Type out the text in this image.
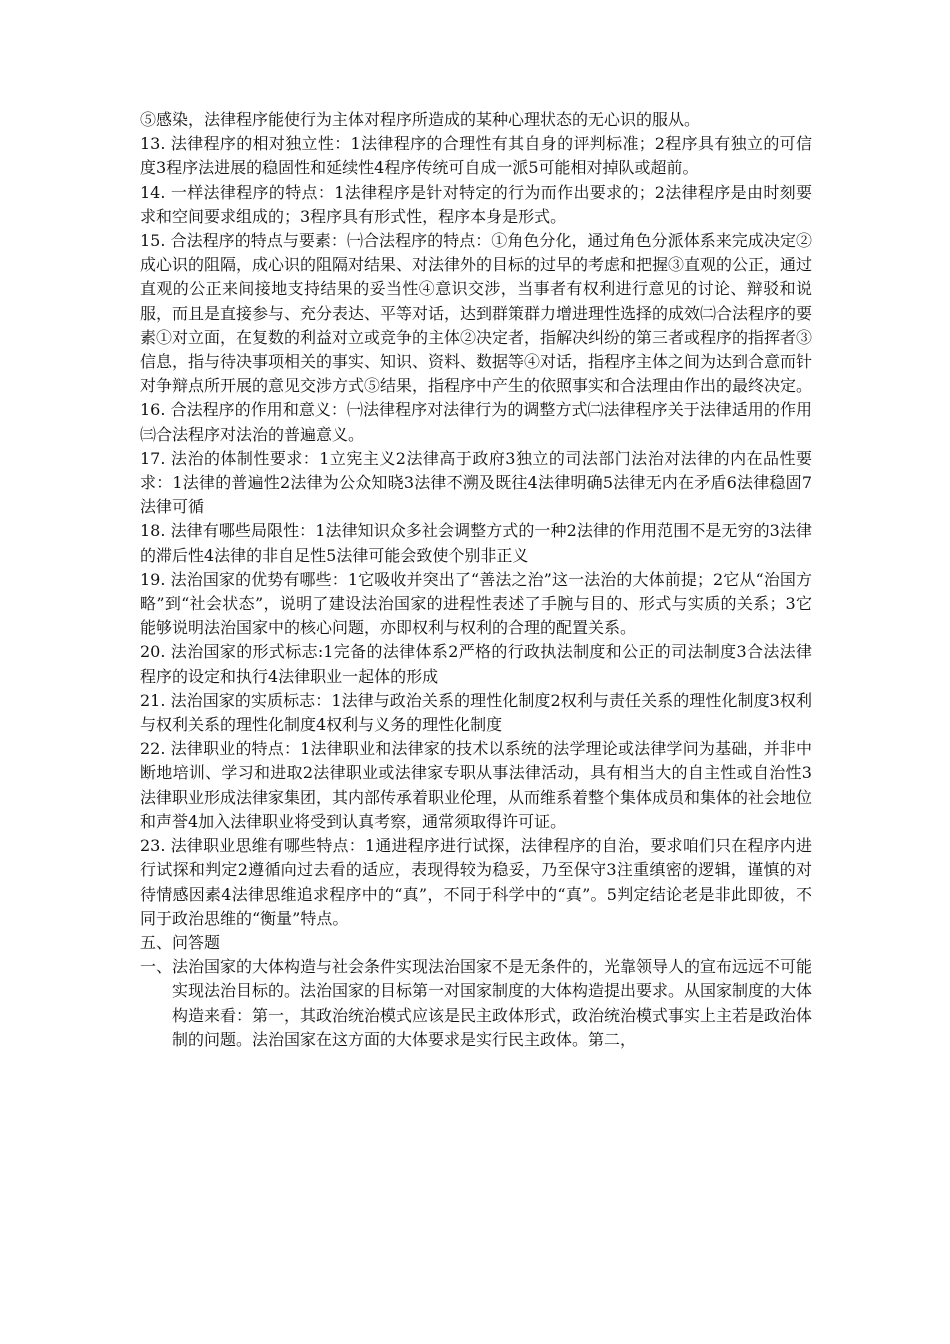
⑤感染，法律程序能使行为主体对程序所造成的某种心理状态的无心识的服从。

13. 法律程序的相对独立性：1法律程序的合理性有其自身的评判标准；2程序具有独立的可信度3程序法进展的稳固性和延续性4程序传统可自成一派5可能相对掉队或超前。

14. 一样法律程序的特点：1法律程序是针对特定的行为而作出要求的；2法律程序是由时刻要求和空间要求组成的；3程序具有形式性，程序本身是形式。

15. 合法程序的特点与要素：㈠合法程序的特点：①角色分化，通过角色分派体系来完成决定②成心识的阻隔，成心识的阻隔对结果、对法律外的目标的过早的考虑和把握③直观的公正，通过直观的公正来间接地支持结果的妥当性④意识交涉，当事者有权利进行意见的讨论、辩驳和说服，而且是直接参与、充分表达、平等对话，达到群策群力增进理性选择的成效㈡合法程序的要素①对立面，在复数的利益对立或竞争的主体②决定者，指解决纠纷的第三者或程序的指挥者③信息，指与待决事项相关的事实、知识、资料、数据等④对话，指程序主体之间为达到合意而针对争辩点所开展的意见交涉方式⑤结果，指程序中产生的依照事实和合法理由作出的最终决定。

16. 合法程序的作用和意义：㈠法律程序对法律行为的调整方式㈡法律程序关于法律适用的作用㈢合法程序对法治的普遍意义。

17. 法治的体制性要求：1立宪主义2法律高于政府3独立的司法部门法治对法律的内在品性要求：1法律的普遍性2法律为公众知晓3法律不溯及既往4法律明确5法律无内在矛盾6法律稳固7法律可循

18. 法律有哪些局限性：1法律知识众多社会调整方式的一种2法律的作用范围不是无穷的3法律的滞后性4法律的非自足性5法律可能会致使个别非正义

19. 法治国家的优势有哪些：1它吸收并突出了“善法之治”这一法治的大体前提；2它从“治国方略”到“社会状态”，说明了建设法治国家的进程性表述了手腕与目的、形式与实质的关系；3它能够说明法治国家中的核心问题，亦即权利与权利的合理的配置关系。

20. 法治国家的形式标志:1完备的法律体系2严格的行政执法制度和公正的司法制度3合法法律程序的设定和执行4法律职业一起体的形成

21. 法治国家的实质标志：1法律与政治关系的理性化制度2权利与责任关系的理性化制度3权利与权利关系的理性化制度4权利与义务的理性化制度

22. 法律职业的特点：1法律职业和法律家的技术以系统的法学理论或法律学问为基础，并非中断地培训、学习和进取2法律职业或法律家专职从事法律活动，具有相当大的自主性或自治性3法律职业形成法律家集团，其内部传承着职业伦理，从而维系着整个集体成员和集体的社会地位和声誉4加入法律职业将受到认真考察，通常须取得许可证。

23. 法律职业思维有哪些特点：1通进程序进行试探，法律程序的自治，要求咱们只在程序内进行试探和判定2遵循向过去看的适应，表现得较为稳妥，乃至保守3注重缜密的逻辑，谨慎的对待情感因素4法律思维追求程序中的“真”，不同于科学中的“真”。5判定结论老是非此即彼，不同于政治思维的“衡量”特点。

五、问答题

一、法治国家的大体构造与社会条件实现法治国家不是无条件的，光靠领导人的宣布远远不可能实现法治目标的。法治国家的目标第一对国家制度的大体构造提出要求。从国家制度的大体构造来看：第一，其政治统治模式应该是民主政体形式，政治统治模式事实上主若是政治体制的问题。法治国家在这方面的大体要求是实行民主政体。第二，
